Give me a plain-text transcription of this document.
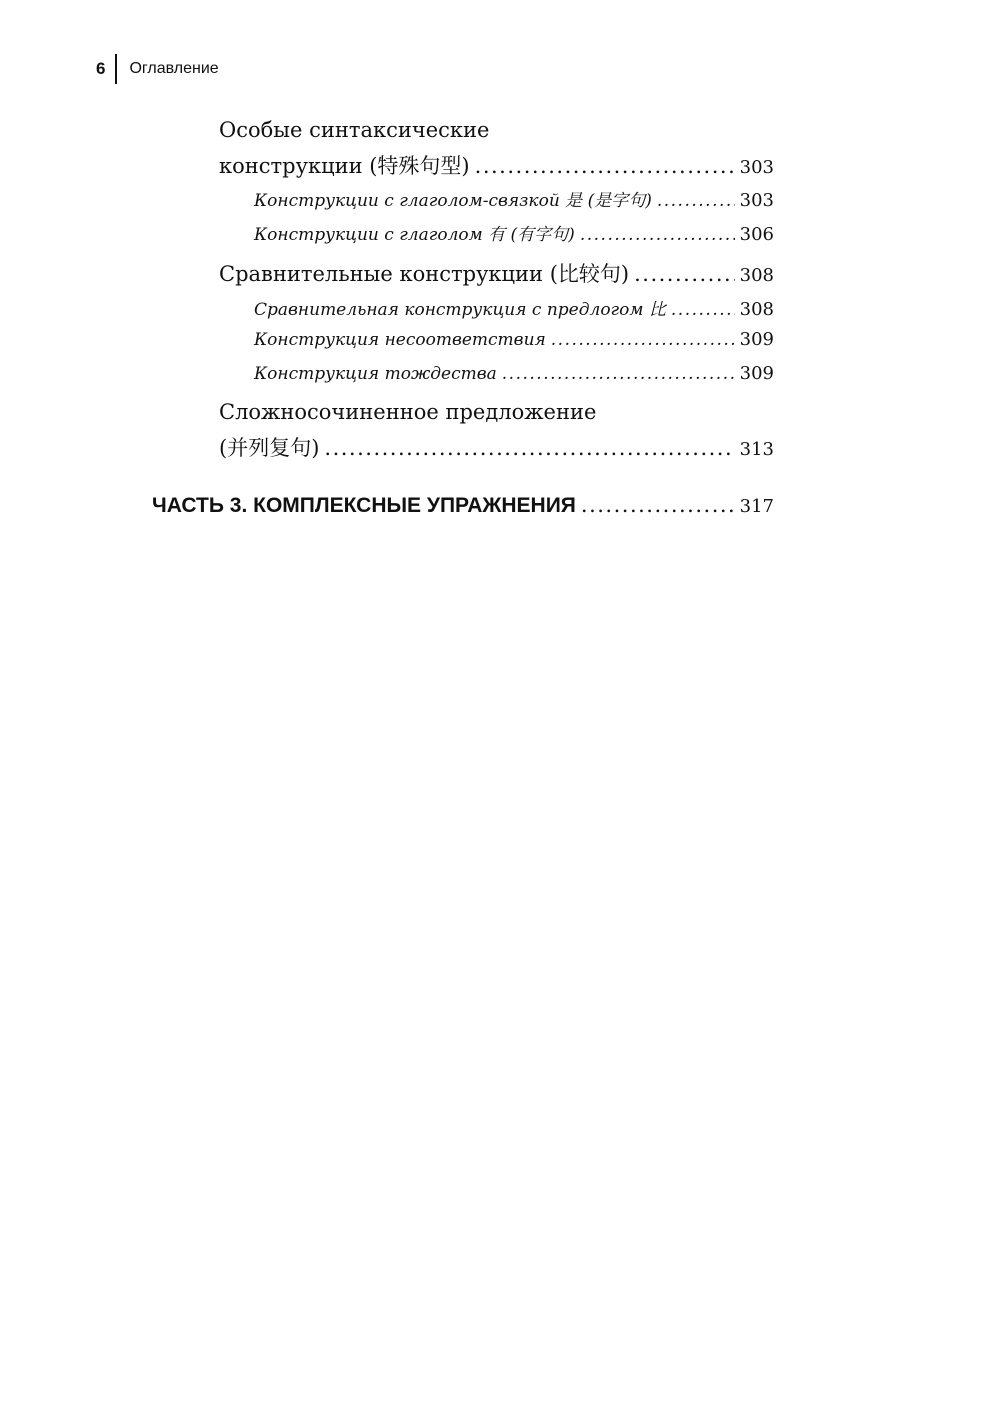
6	Оглавление
Особые синтаксические
конструкции (特殊句型) .....	303
Конструкции с глаголом-связкой 是 (是字句) .....	303
Конструкции с глаголом 有 (有字句) .....	306
Сравнительные конструкции (比较句) .....	308
Сравнительная конструкция с предлогом 比 .....	308
Конструкция несоответствия .....	309
Конструкция тождества .....	309
Сложносочиненное предложение
(并列复句) .....	313
ЧАСТЬ 3. КОМПЛЕКСНЫЕ УПРАЖНЕНИЯ .....	317
